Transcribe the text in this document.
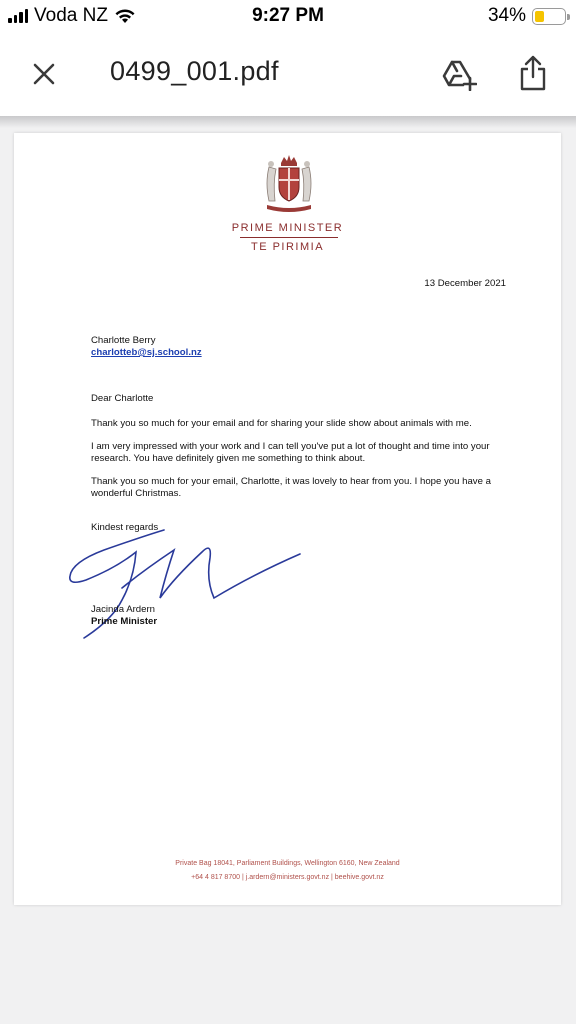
Voda NZ	9:27 PM	34%
0499_001.pdf
PRIME MINISTER
TE PIRIMIA
13 December 2021
Charlotte Berry
charlotteb@sj.school.nz
Dear Charlotte
Thank you so much for your email and for sharing your slide show about animals with me.
I am very impressed with your work and I can tell you've put a lot of thought and time into your research. You have definitely given me something to think about.
Thank you so much for your email, Charlotte, it was lovely to hear from you. I hope you have a wonderful Christmas.
Kindest regards
Jacinda Ardern
Prime Minister
Private Bag 18041, Parliament Buildings, Wellington 6160, New Zealand
+64 4 817 8700 | j.ardern@ministers.govt.nz | beehive.govt.nz
